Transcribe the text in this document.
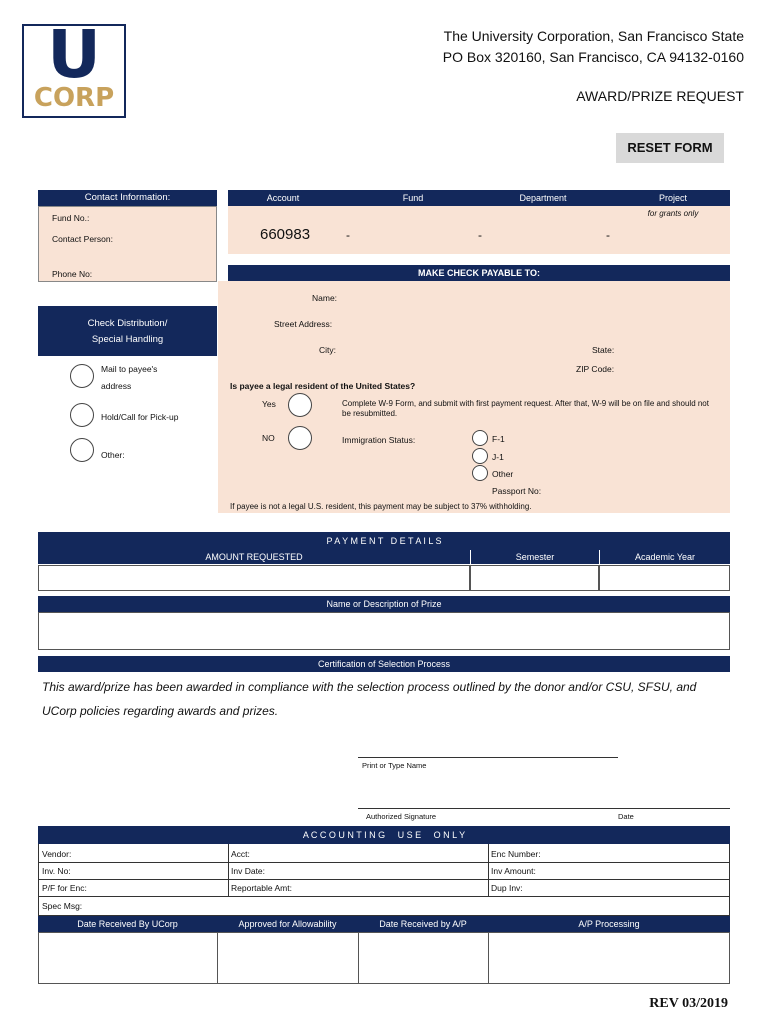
U
CORP
The University Corporation, San Francisco State
PO Box 320160, San Francisco, CA 94132-0160
AWARD/PRIZE REQUEST
RESET FORM
Contact Information:
Fund No.:
Contact Person:
Phone No:
Account	Fund	Department	Project
for grants only
660983	-	-	-
MAKE CHECK PAYABLE TO:
Name:
Street Address:
City:	State:
ZIP Code:
Is payee a legal resident of the United States?
Yes	Complete W-9 Form, and submit with first payment request. After that, W-9 will be on file and should not be resubmitted.
NO	Immigration Status:	F-1
J-1
Other
Passport No:
If payee is not a legal U.S. resident, this payment may be subject to 37% withholding.
Check Distribution/
Special Handling
Mail to payee's
address
Hold/Call for Pick-up
Other:
P A Y M E N T   D E T A I L S
AMOUNT REQUESTED	Semester	Academic Year
Name or Description of Prize
Certification of Selection Process
This award/prize has been awarded in compliance with the selection process outlined by the donor and/or CSU, SFSU, and
UCorp policies regarding awards and prizes.
Print or Type Name
Authorized Signature	Date
A C C O U N T I N G     U S E     O N L Y
Vendor:	Acct:	Enc Number:
Inv. No:	Inv Date:	Inv Amount:
P/F for Enc:	Reportable Amt:	Dup Inv:
Spec Msg:
Date Received By UCorp	Approved for Allowability	Date Received by A/P	A/P Processing
REV 03/2019
